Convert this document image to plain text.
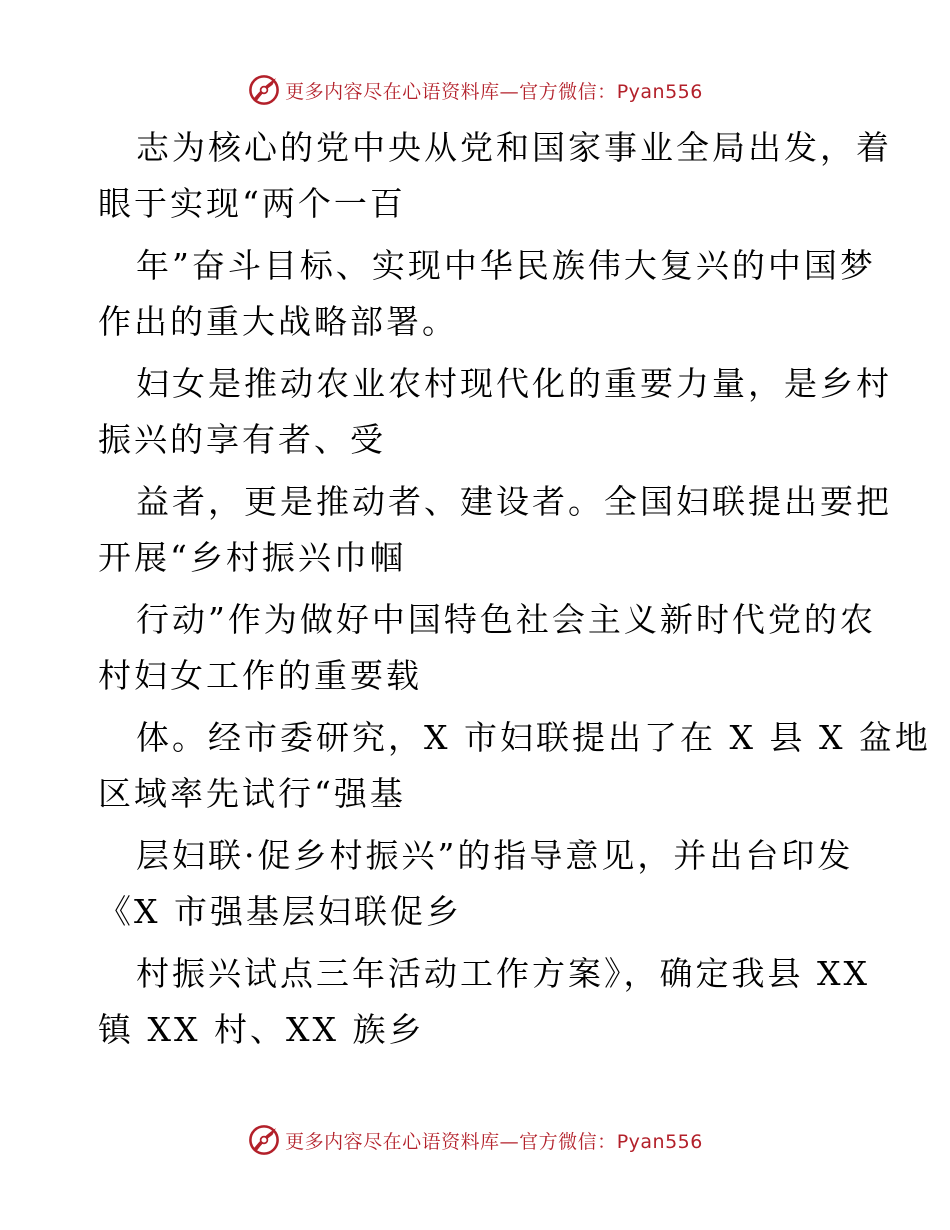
更多内容尽在心语资料库—官方微信：Pyan556
志为核心的党中央从党和国家事业全局出发，着
眼于实现“两个一百
年”奋斗目标、实现中华民族伟大复兴的中国梦
作出的重大战略部署。
妇女是推动农业农村现代化的重要力量，是乡村
振兴的享有者、受
益者，更是推动者、建设者。全国妇联提出要把
开展“乡村振兴巾帼
行动”作为做好中国特色社会主义新时代党的农
村妇女工作的重要载
体。经市委研究，X 市妇联提出了在 X 县 X 盆地
区域率先试行“强基
层妇联·促乡村振兴”的指导意见，并出台印发
《X 市强基层妇联促乡
村振兴试点三年活动工作方案》，确定我县 XX
镇 XX 村、XX 族乡
更多内容尽在心语资料库—官方微信：Pyan556
